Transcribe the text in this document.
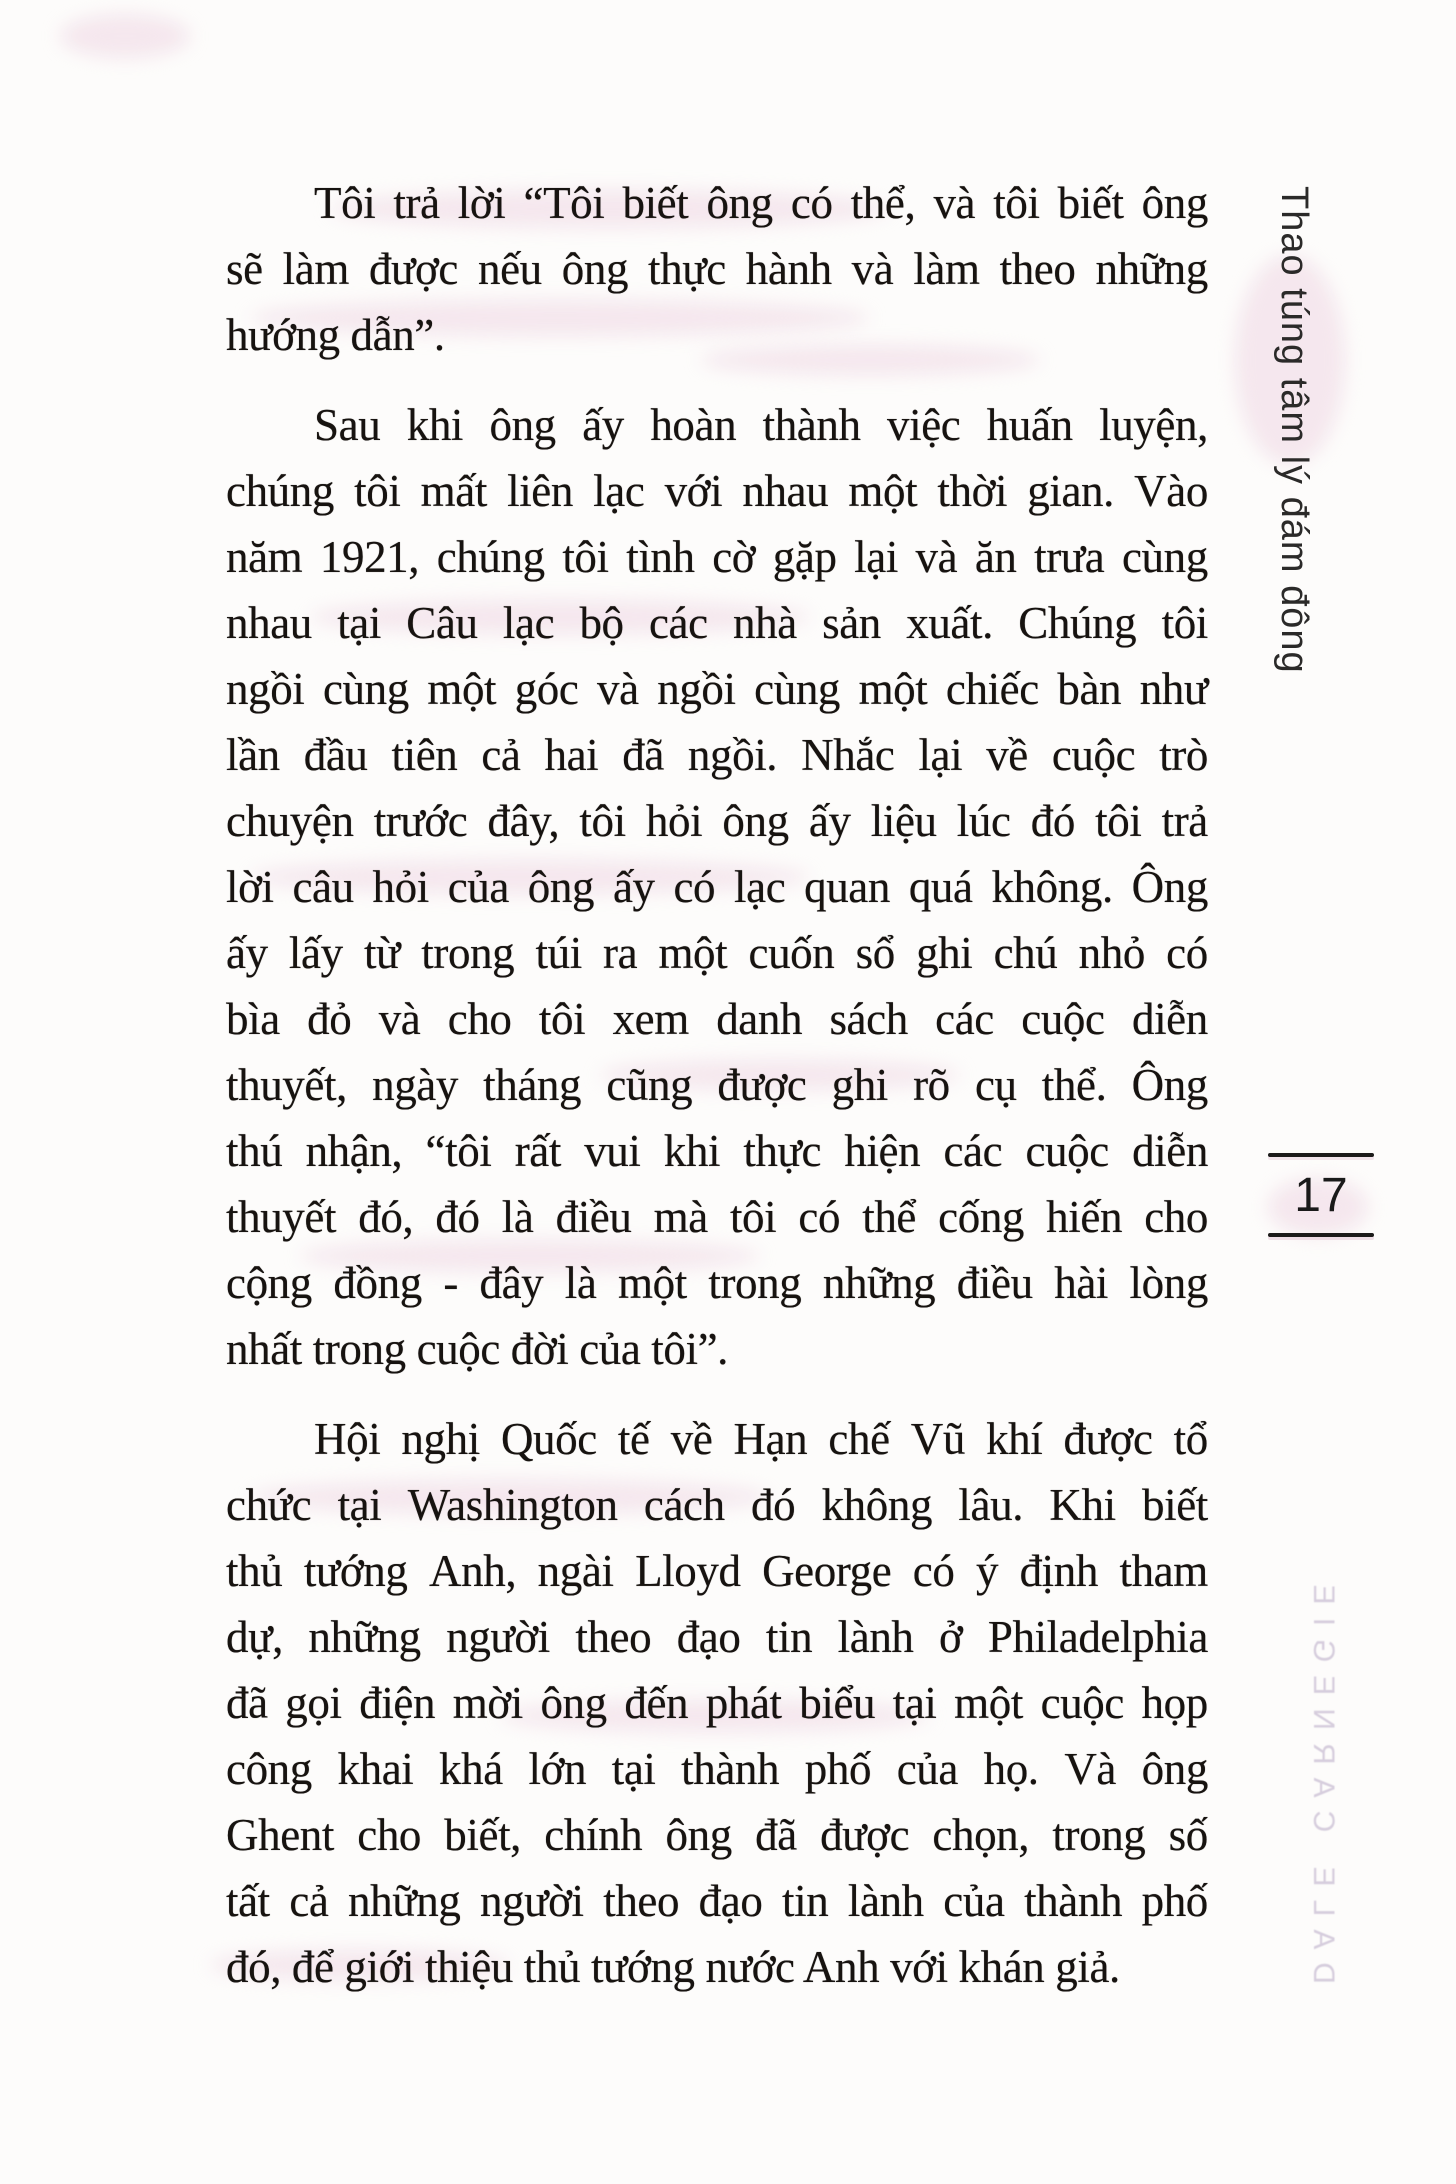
Tôi trả lời “Tôi biết ông có thể, và tôi biết ông
sẽ làm được nếu ông thực hành và làm theo những
hướng dẫn”.

Sau khi ông ấy hoàn thành việc huấn luyện,
chúng tôi mất liên lạc với nhau một thời gian. Vào
năm 1921, chúng tôi tình cờ gặp lại và ăn trưa cùng
nhau tại Câu lạc bộ các nhà sản xuất. Chúng tôi
ngồi cùng một góc và ngồi cùng một chiếc bàn như
lần đầu tiên cả hai đã ngồi. Nhắc lại về cuộc trò
chuyện trước đây, tôi hỏi ông ấy liệu lúc đó tôi trả
lời câu hỏi của ông ấy có lạc quan quá không. Ông
ấy lấy từ trong túi ra một cuốn sổ ghi chú nhỏ có
bìa đỏ và cho tôi xem danh sách các cuộc diễn
thuyết, ngày tháng cũng được ghi rõ cụ thể. Ông
thú nhận, “tôi rất vui khi thực hiện các cuộc diễn
thuyết đó, đó là điều mà tôi có thể cống hiến cho
cộng đồng - đây là một trong những điều hài lòng
nhất trong cuộc đời của tôi”.

Hội nghị Quốc tế về Hạn chế Vũ khí được tổ
chức tại Washington cách đó không lâu. Khi biết
thủ tướng Anh, ngài Lloyd George có ý định tham
dự, những người theo đạo tin lành ở Philadelphia
đã gọi điện mời ông đến phát biểu tại một cuộc họp
công khai khá lớn tại thành phố của họ. Và ông
Ghent cho biết, chính ông đã được chọn, trong số
tất cả những người theo đạo tin lành của thành phố
đó, để giới thiệu thủ tướng nước Anh với khán giả.

Thao túng tâm lý đám đông
17
DALE CARNEGIE
